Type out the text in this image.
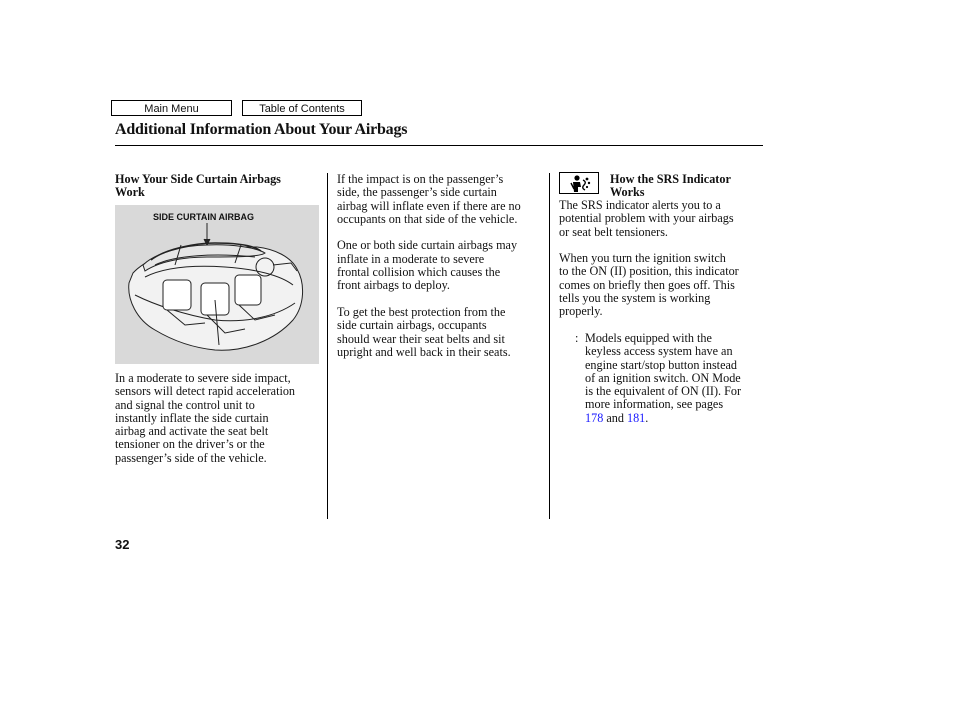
Main Menu	Table of Contents
Additional Information About Your Airbags
How Your Side Curtain Airbags
Work
SIDE CURTAIN AIRBAG
In a moderate to severe side impact,
sensors will detect rapid acceleration
and signal the control unit to
instantly inflate the side curtain
airbag and activate the seat belt
tensioner on the driver’s or the
passenger’s side of the vehicle.

If the impact is on the passenger’s
side, the passenger’s side curtain
airbag will inflate even if there are no
occupants on that side of the vehicle.

One or both side curtain airbags may
inflate in a moderate to severe
frontal collision which causes the
front airbags to deploy.

To get the best protection from the
side curtain airbags, occupants
should wear their seat belts and sit
upright and well back in their seats.

How the SRS Indicator
Works

The SRS indicator alerts you to a
potential problem with your airbags
or seat belt tensioners.

When you turn the ignition switch
to the ON (II) position, this indicator
comes on briefly then goes off. This
tells you the system is working
properly.

: Models equipped with the
keyless access system have an
engine start/stop button instead
of an ignition switch. ON Mode
is the equivalent of ON (II). For
more information, see pages
178 and 181.
32
